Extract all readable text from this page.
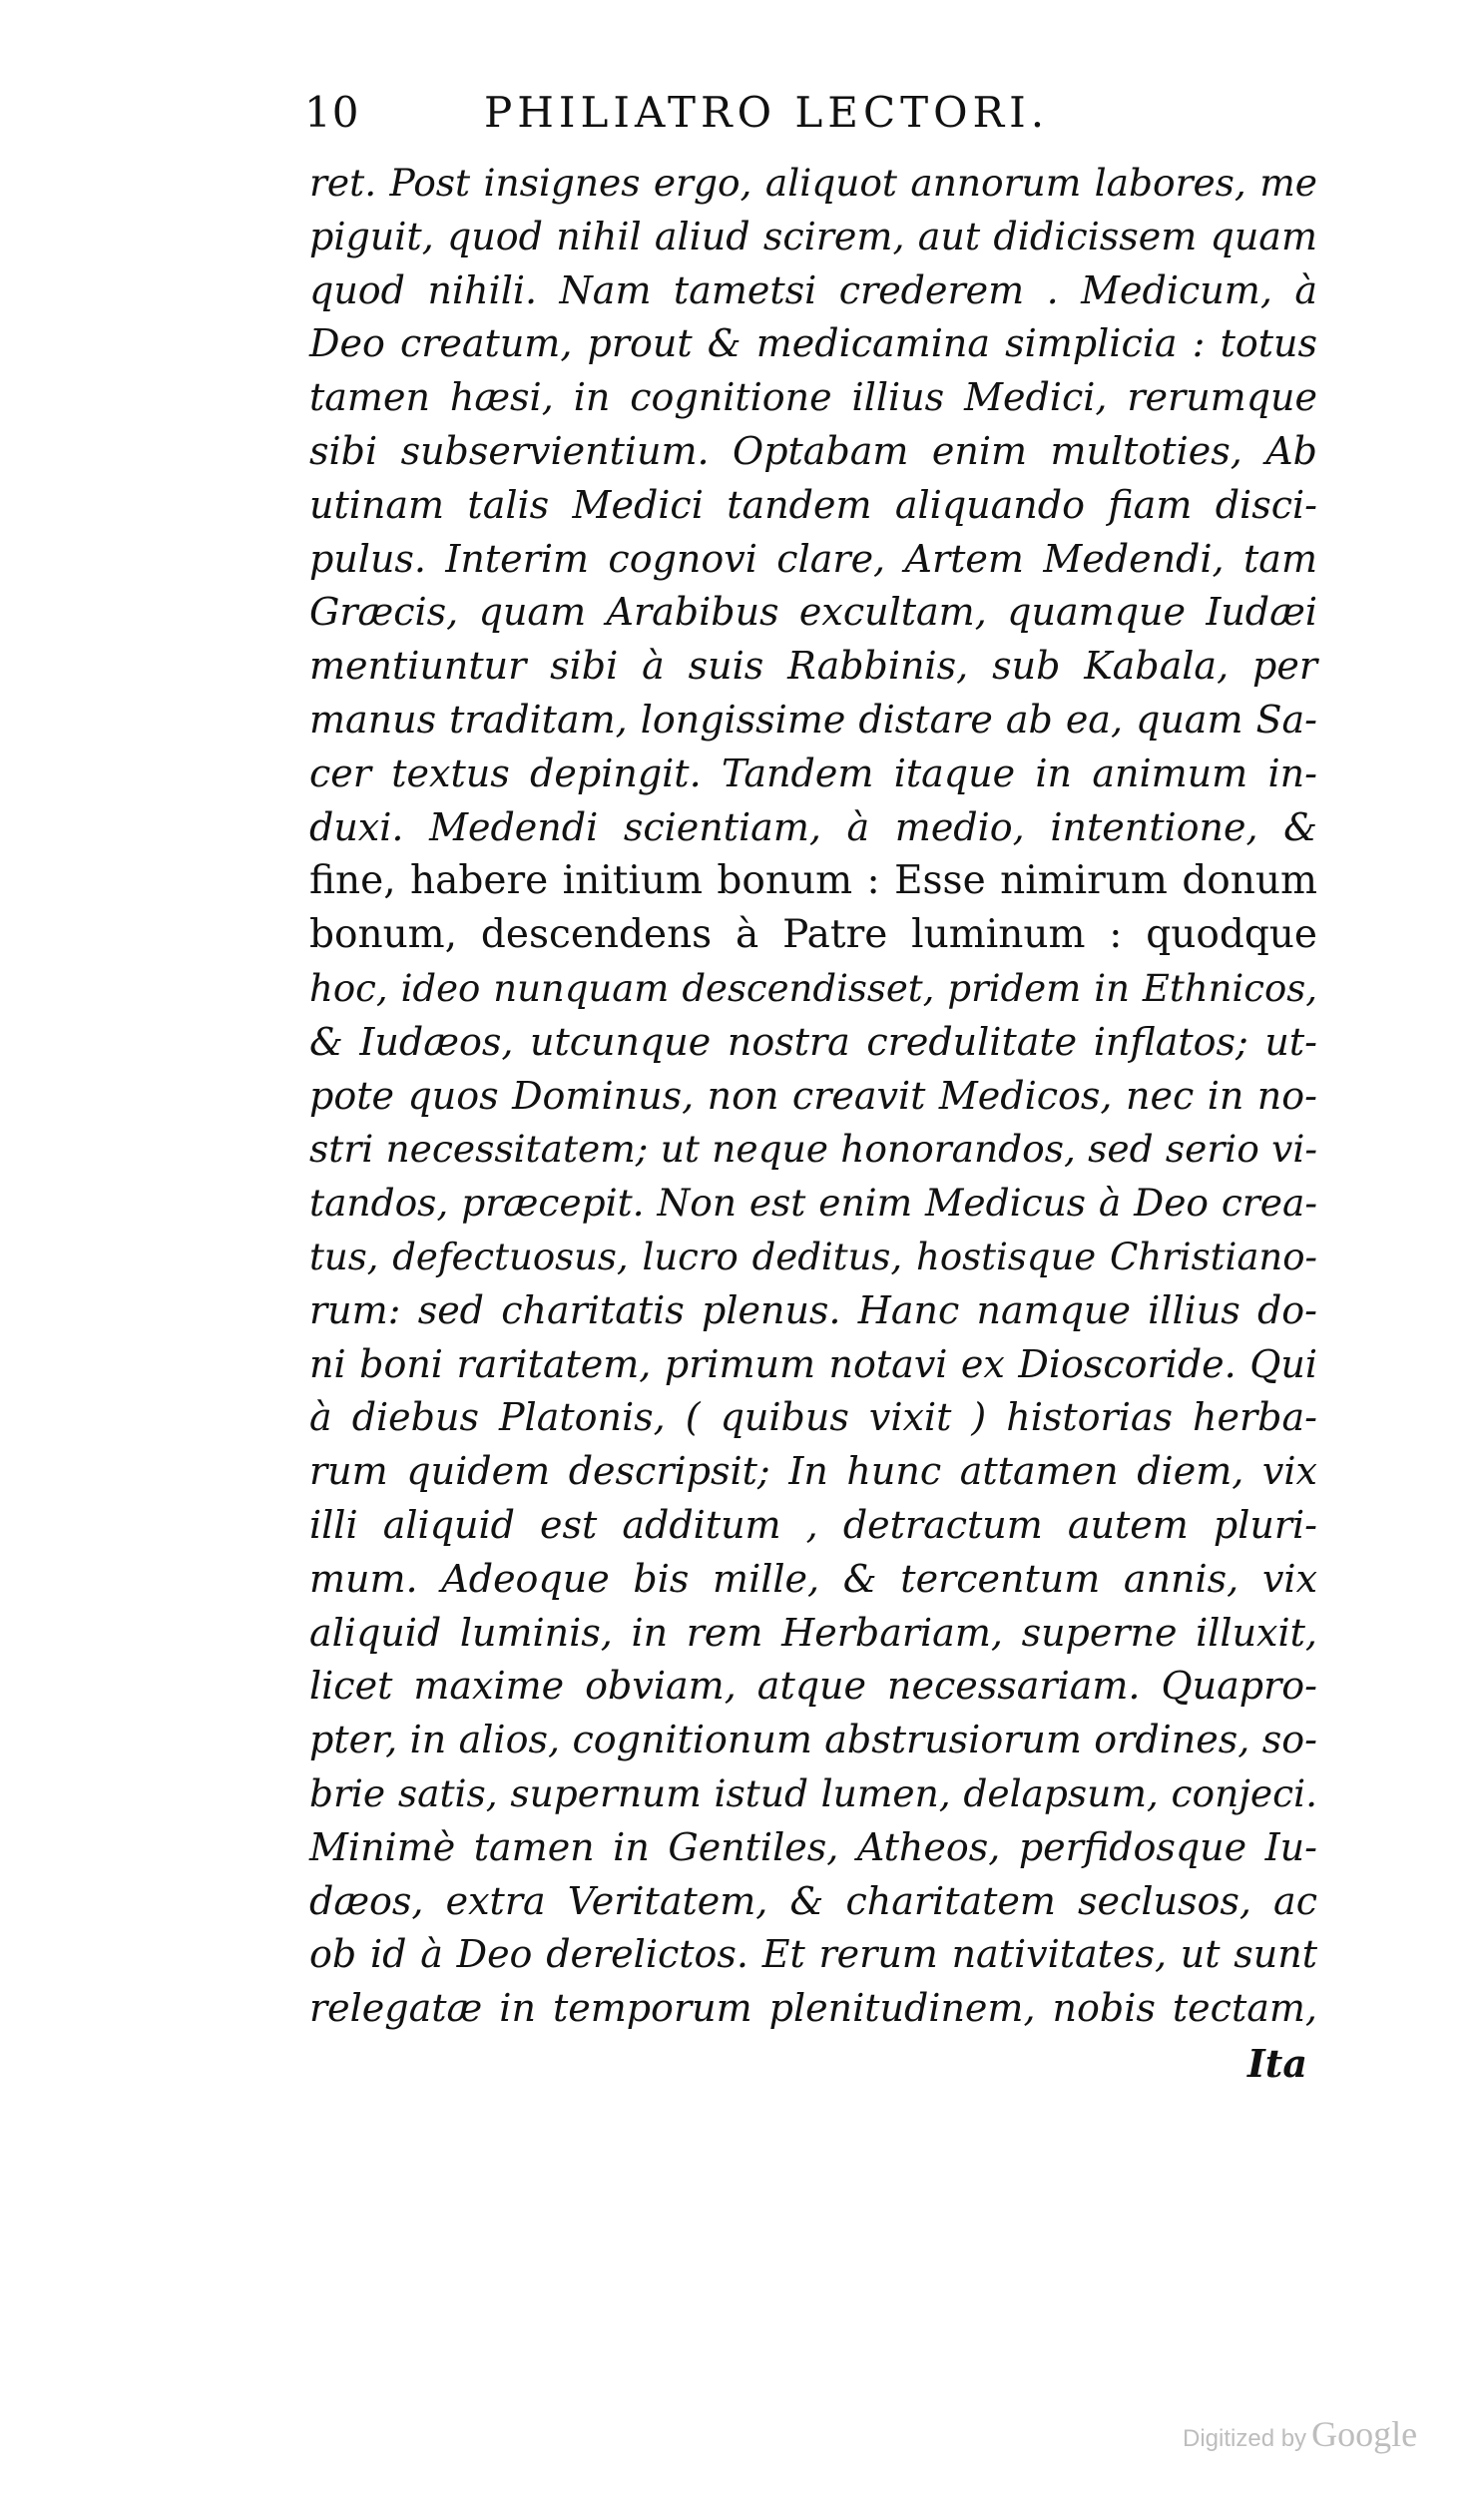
10	PHILIATRO LECTORI.
ret. Post insignes ergo, aliquot annorum labores, me
piguit, quod nihil aliud scirem, aut didicissem quam
quod nihili. Nam tametsi crederem . Medicum, à
Deo creatum, prout & medicamina simplicia : totus
tamen hæsi, in cognitione illius Medici, rerumque
sibi subservientium. Optabam enim multoties, Ab
utinam talis Medici tandem aliquando fiam disci-
pulus. Interim cognovi clare, Artem Medendi, tam
Græcis, quam Arabibus excultam, quamque Iudæi
mentiuntur sibi à suis Rabbinis, sub Kabala, per
manus traditam, longissime distare ab ea, quam Sa-
cer textus depingit. Tandem itaque in animum in-
duxi. Medendi scientiam, à medio, intentione, &
fine, habere initium bonum : Esse nimirum donum
bonum, descendens à Patre luminum : quodque
hoc, ideo nunquam descendisset, pridem in Ethnicos,
& Iudæos, utcunque nostra credulitate inflatos; ut-
pote quos Dominus, non creavit Medicos, nec in no-
stri necessitatem; ut neque honorandos, sed serio vi-
tandos, præcepit. Non est enim Medicus à Deo crea-
tus, defectuosus, lucro deditus, hostisque Christiano-
rum: sed charitatis plenus. Hanc namque illius do-
ni boni raritatem, primum notavi ex Dioscoride. Qui
à diebus Platonis, ( quibus vixit ) historias herba-
rum quidem descripsit; In hunc attamen diem, vix
illi aliquid est additum , detractum autem pluri-
mum. Adeoque bis mille, & tercentum annis, vix
aliquid luminis, in rem Herbariam, superne illuxit,
licet maxime obviam, atque necessariam. Quapro-
pter, in alios, cognitionum abstrusiorum ordines, so-
brie satis, supernum istud lumen, delapsum, conjeci.
Minimè tamen in Gentiles, Atheos, perfidosque Iu-
dæos, extra Veritatem, & charitatem seclusos, ac
ob id à Deo derelictos. Et rerum nativitates, ut sunt
relegatæ in temporum plenitudinem, nobis tectam,
Ita
Digitized by Google
